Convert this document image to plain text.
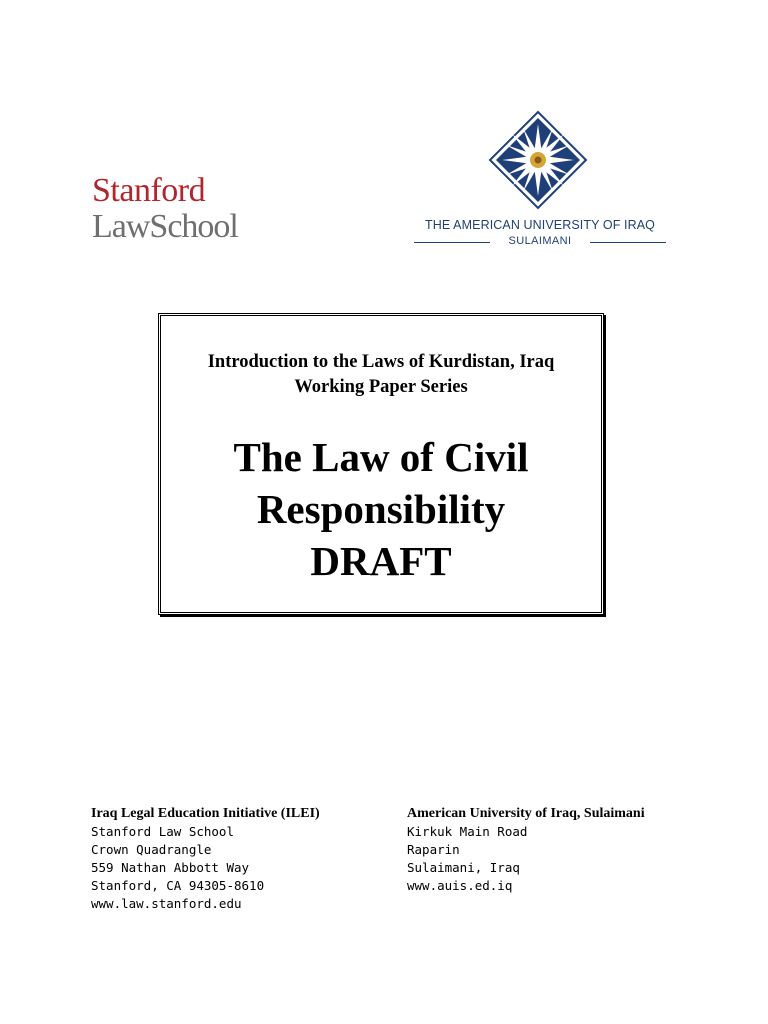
Stanford
LawSchool	THE AMERICAN UNIVERSITY OF IRAQ
SULAIMANI
Introduction to the Laws of Kurdistan, Iraq
Working Paper Series
The Law of Civil
Responsibility
DRAFT
Iraq Legal Education Initiative (ILEI)
Stanford Law School
Crown Quadrangle
559 Nathan Abbott Way
Stanford, CA 94305-8610
www.law.stanford.edu
American University of Iraq, Sulaimani
Kirkuk Main Road
Raparin
Sulaimani, Iraq
www.auis.ed.iq
